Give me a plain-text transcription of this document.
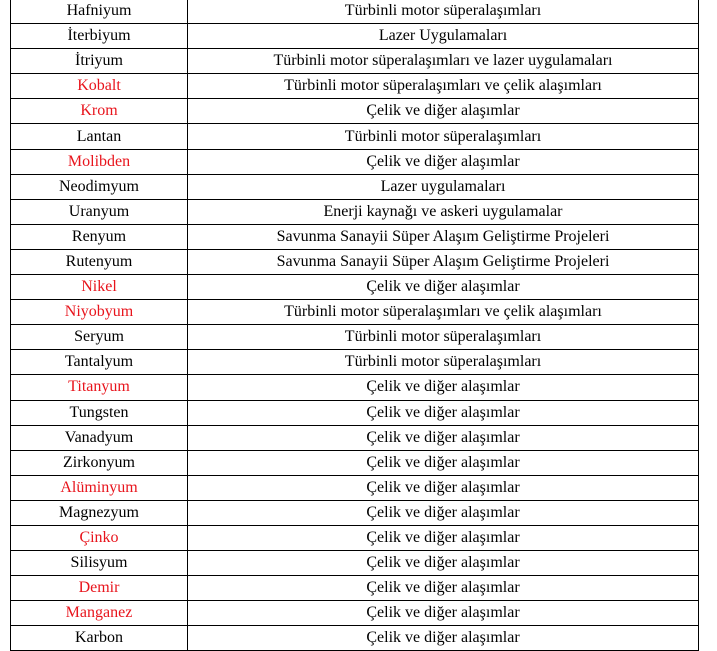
Hafniyum	Türbinli motor süperalaşımları
İterbiyum	Lazer Uygulamaları
İtriyum	Türbinli motor süperalaşımları ve lazer uygulamaları
Kobalt	Türbinli motor süperalaşımları ve çelik alaşımları
Krom	Çelik ve diğer alaşımlar
Lantan	Türbinli motor süperalaşımları
Molibden	Çelik ve diğer alaşımlar
Neodimyum	Lazer uygulamaları
Uranyum	Enerji kaynağı ve askeri uygulamalar
Renyum	Savunma Sanayii Süper Alaşım Geliştirme Projeleri
Rutenyum	Savunma Sanayii Süper Alaşım Geliştirme Projeleri
Nikel	Çelik ve diğer alaşımlar
Niyobyum	Türbinli motor süperalaşımları ve çelik alaşımları
Seryum	Türbinli motor süperalaşımları
Tantalyum	Türbinli motor süperalaşımları
Titanyum	Çelik ve diğer alaşımlar
Tungsten	Çelik ve diğer alaşımlar
Vanadyum	Çelik ve diğer alaşımlar
Zirkonyum	Çelik ve diğer alaşımlar
Alüminyum	Çelik ve diğer alaşımlar
Magnezyum	Çelik ve diğer alaşımlar
Çinko	Çelik ve diğer alaşımlar
Silisyum	Çelik ve diğer alaşımlar
Demir	Çelik ve diğer alaşımlar
Manganez	Çelik ve diğer alaşımlar
Karbon	Çelik ve diğer alaşımlar
